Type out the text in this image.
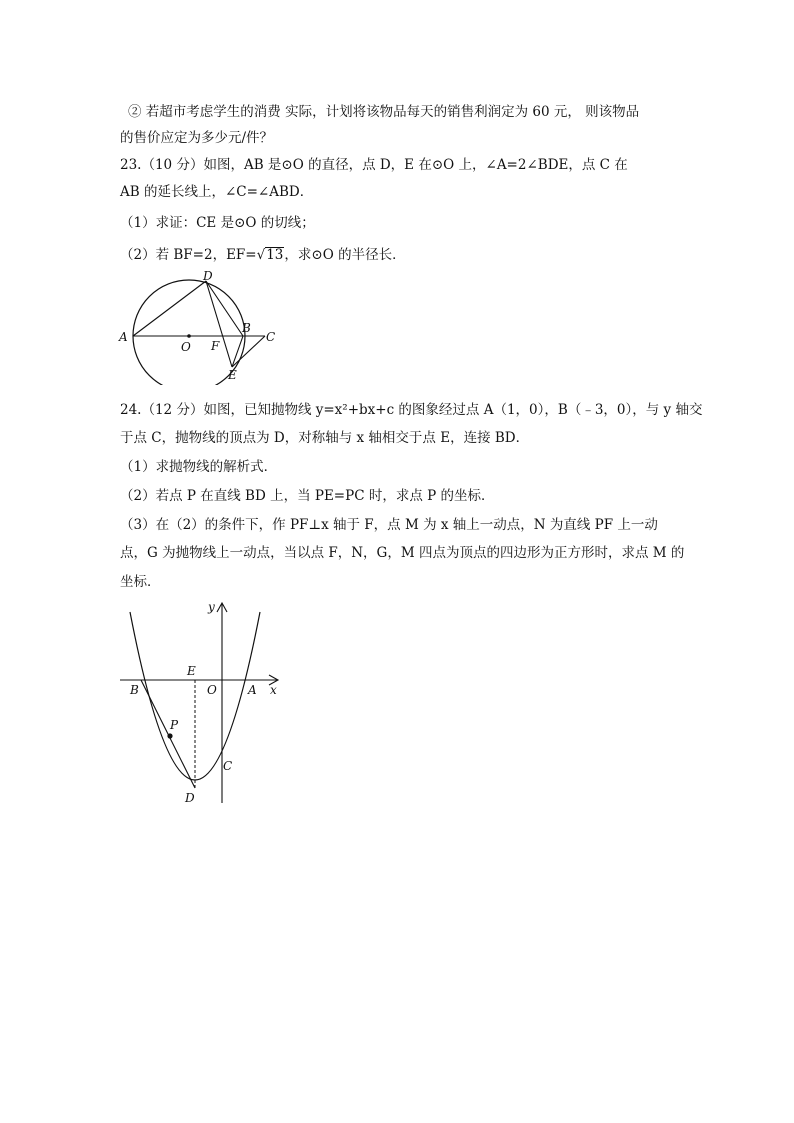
② 若超市考虑学生的消费 实际，计划将该物品每天的销售利润定为 60 元， 则该物品
的售价应定为多少元/件？
23.（10 分）如图，AB 是⊙O 的直径，点 D，E 在⊙O 上，∠A=2∠BDE，点 C 在
AB 的延长线上，∠C=∠ABD．
（1）求证：CE 是⊙O 的切线；
（2）若 BF=2，EF=√13，求⊙O 的半径长．
A
O F
B
C
D
E
24.（12 分）如图，已知抛物线 y=x²+bx+c 的图象经过点 A（1，0），B（﹣3，0），与 y 轴交
于点 C，抛物线的顶点为 D，对称轴与 x 轴相交于点 E，连接 BD．
（1）求抛物线的解析式．
（2）若点 P 在直线 BD 上，当 PE=PC 时，求点 P 的坐标．
（3）在（2）的条件下，作 PF⊥x 轴于 F，点 M 为 x 轴上一动点，N 为直线 PF 上一动
点，G 为抛物线上一动点，当以点 F，N，G，M 四点为顶点的四边形为正方形时，求点 M 的
坐标．
y
x
B
E
O	A
P
C
D
